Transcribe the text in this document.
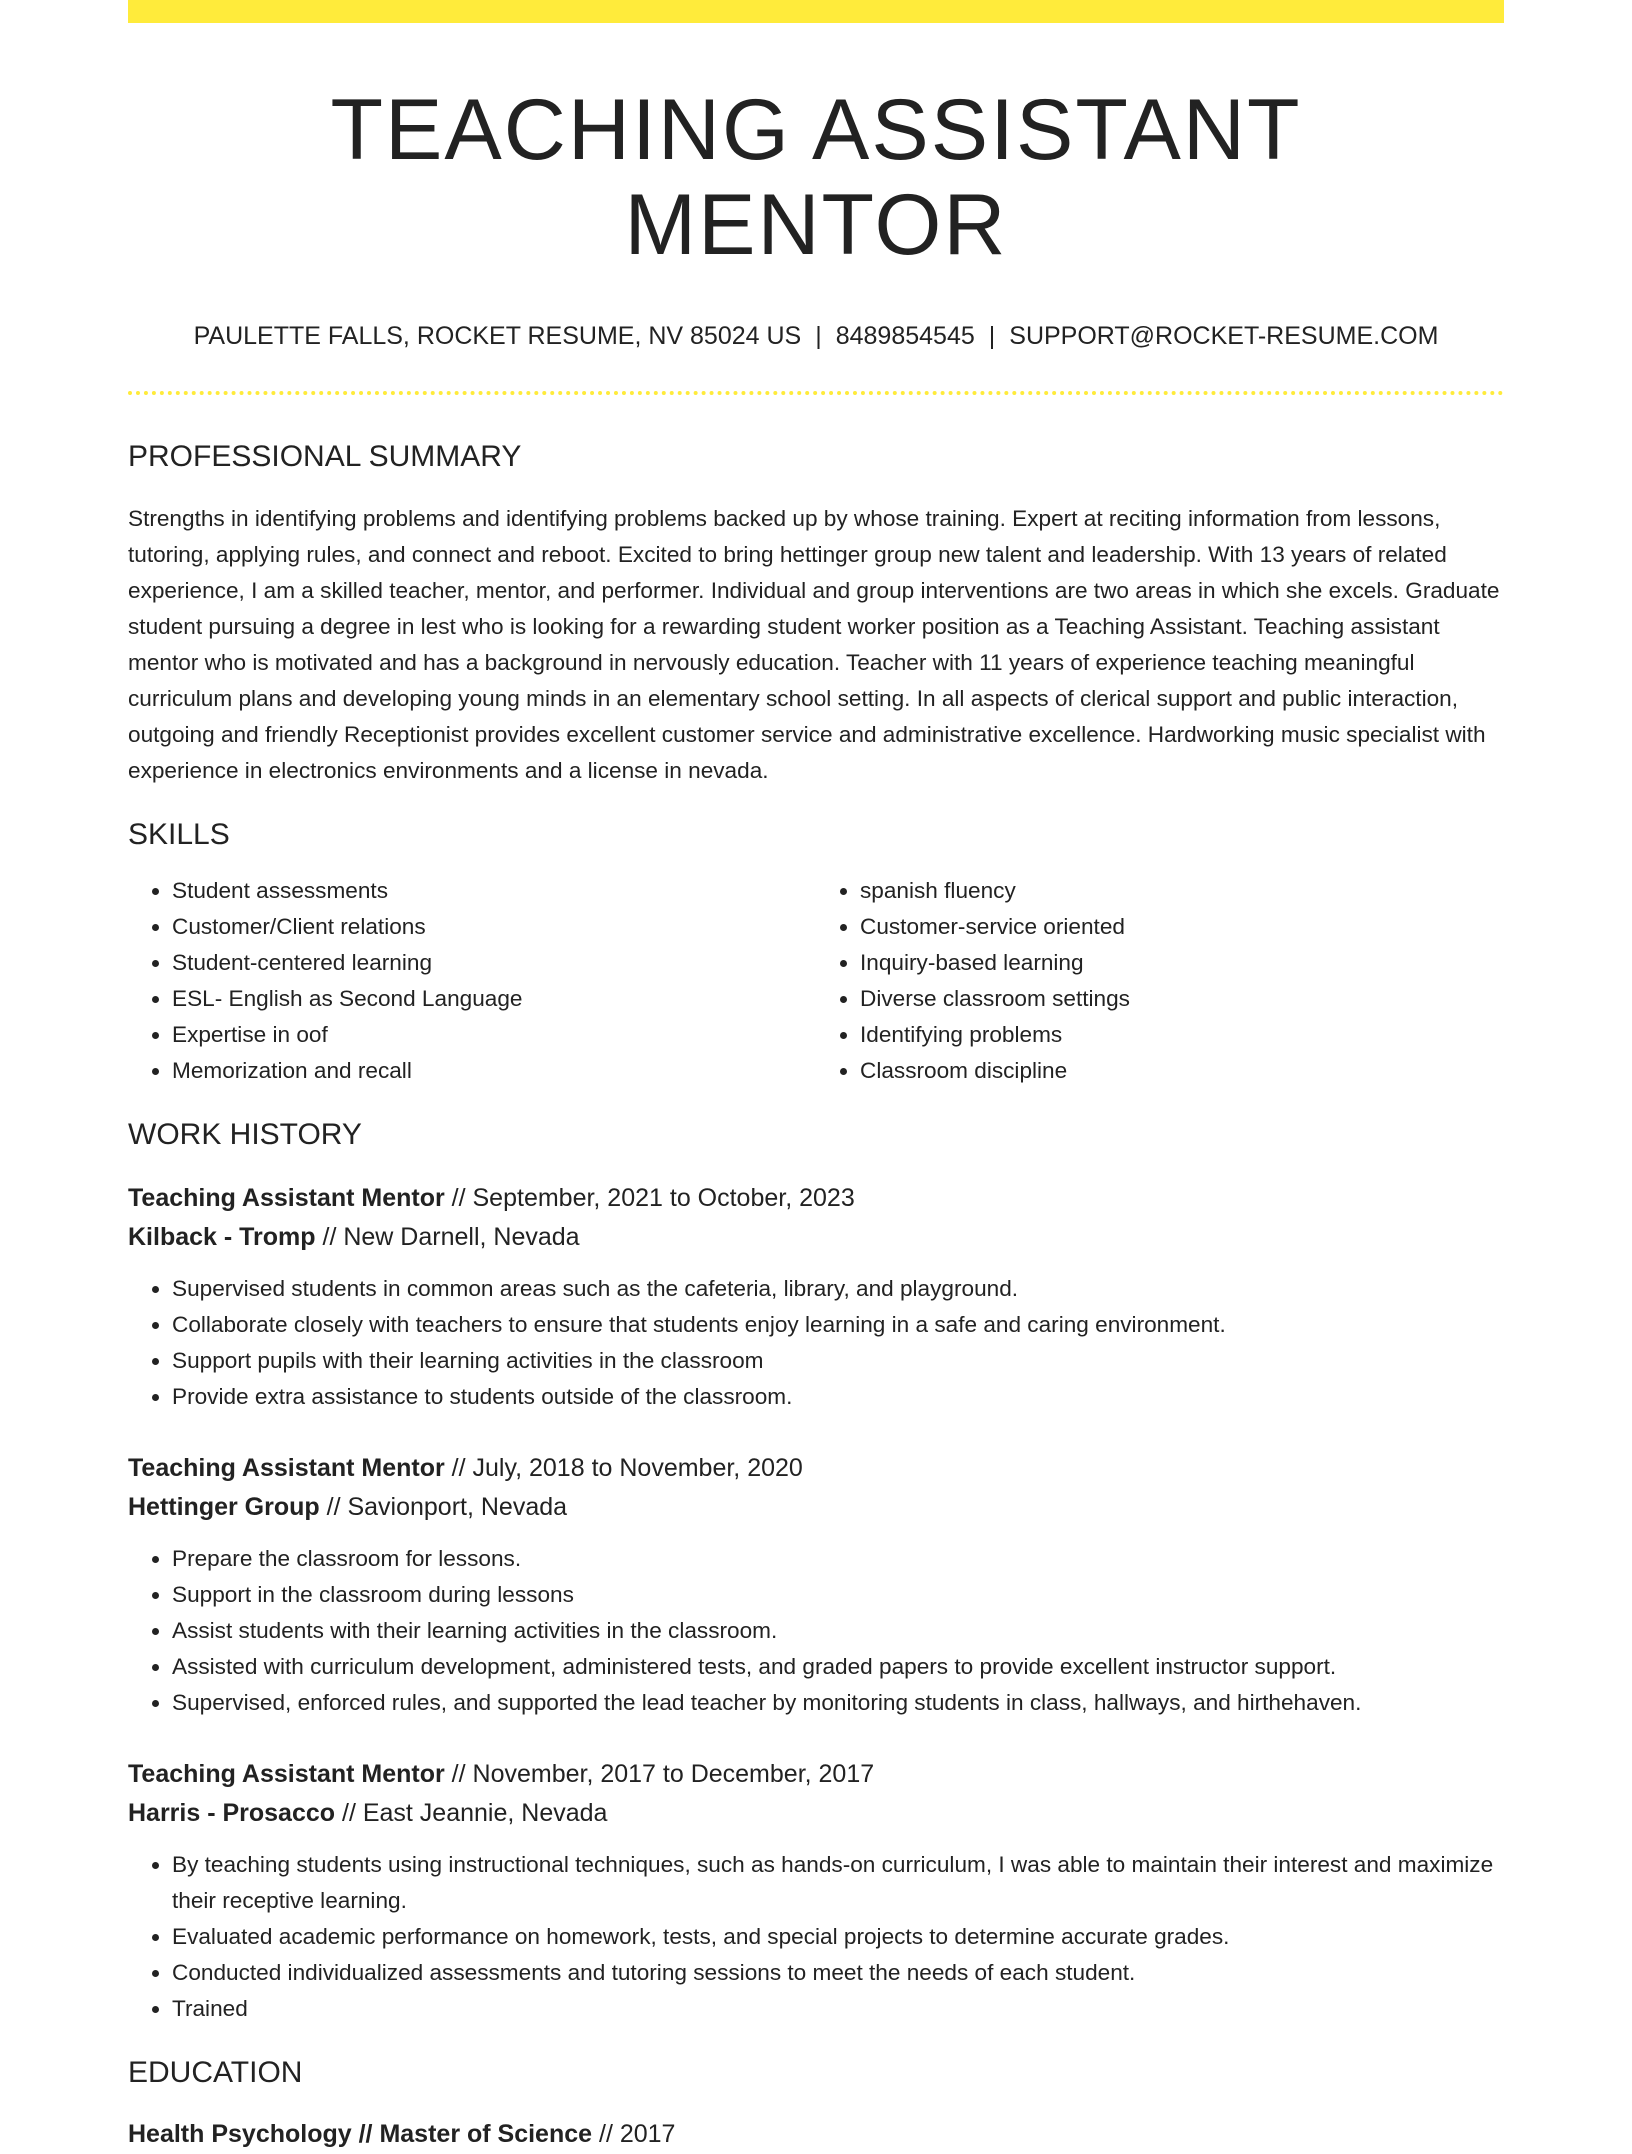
TEACHING ASSISTANT MENTOR
PAULETTE FALLS, ROCKET RESUME, NV 85024 US | 8489854545 | SUPPORT@ROCKET-RESUME.COM
PROFESSIONAL SUMMARY
Strengths in identifying problems and identifying problems backed up by whose training. Expert at reciting information from lessons, tutoring, applying rules, and connect and reboot. Excited to bring hettinger group new talent and leadership. With 13 years of related experience, I am a skilled teacher, mentor, and performer. Individual and group interventions are two areas in which she excels. Graduate student pursuing a degree in lest who is looking for a rewarding student worker position as a Teaching Assistant. Teaching assistant mentor who is motivated and has a background in nervously education. Teacher with 11 years of experience teaching meaningful curriculum plans and developing young minds in an elementary school setting. In all aspects of clerical support and public interaction, outgoing and friendly Receptionist provides excellent customer service and administrative excellence. Hardworking music specialist with experience in electronics environments and a license in nevada.
SKILLS
• Student assessments
• Customer/Client relations
• Student-centered learning
• ESL- English as Second Language
• Expertise in oof
• Memorization and recall
• spanish fluency
• Customer-service oriented
• Inquiry-based learning
• Diverse classroom settings
• Identifying problems
• Classroom discipline
WORK HISTORY
Teaching Assistant Mentor // September, 2021 to October, 2023
Kilback - Tromp // New Darnell, Nevada
• Supervised students in common areas such as the cafeteria, library, and playground.
• Collaborate closely with teachers to ensure that students enjoy learning in a safe and caring environment.
• Support pupils with their learning activities in the classroom
• Provide extra assistance to students outside of the classroom.
Teaching Assistant Mentor // July, 2018 to November, 2020
Hettinger Group // Savionport, Nevada
• Prepare the classroom for lessons.
• Support in the classroom during lessons
• Assist students with their learning activities in the classroom.
• Assisted with curriculum development, administered tests, and graded papers to provide excellent instructor support.
• Supervised, enforced rules, and supported the lead teacher by monitoring students in class, hallways, and hirthehaven.
Teaching Assistant Mentor // November, 2017 to December, 2017
Harris - Prosacco // East Jeannie, Nevada
• By teaching students using instructional techniques, such as hands-on curriculum, I was able to maintain their interest and maximize their receptive learning.
• Evaluated academic performance on homework, tests, and special projects to determine accurate grades.
• Conducted individualized assessments and tutoring sessions to meet the needs of each student.
• Trained
EDUCATION
Health Psychology // Master of Science // 2017
